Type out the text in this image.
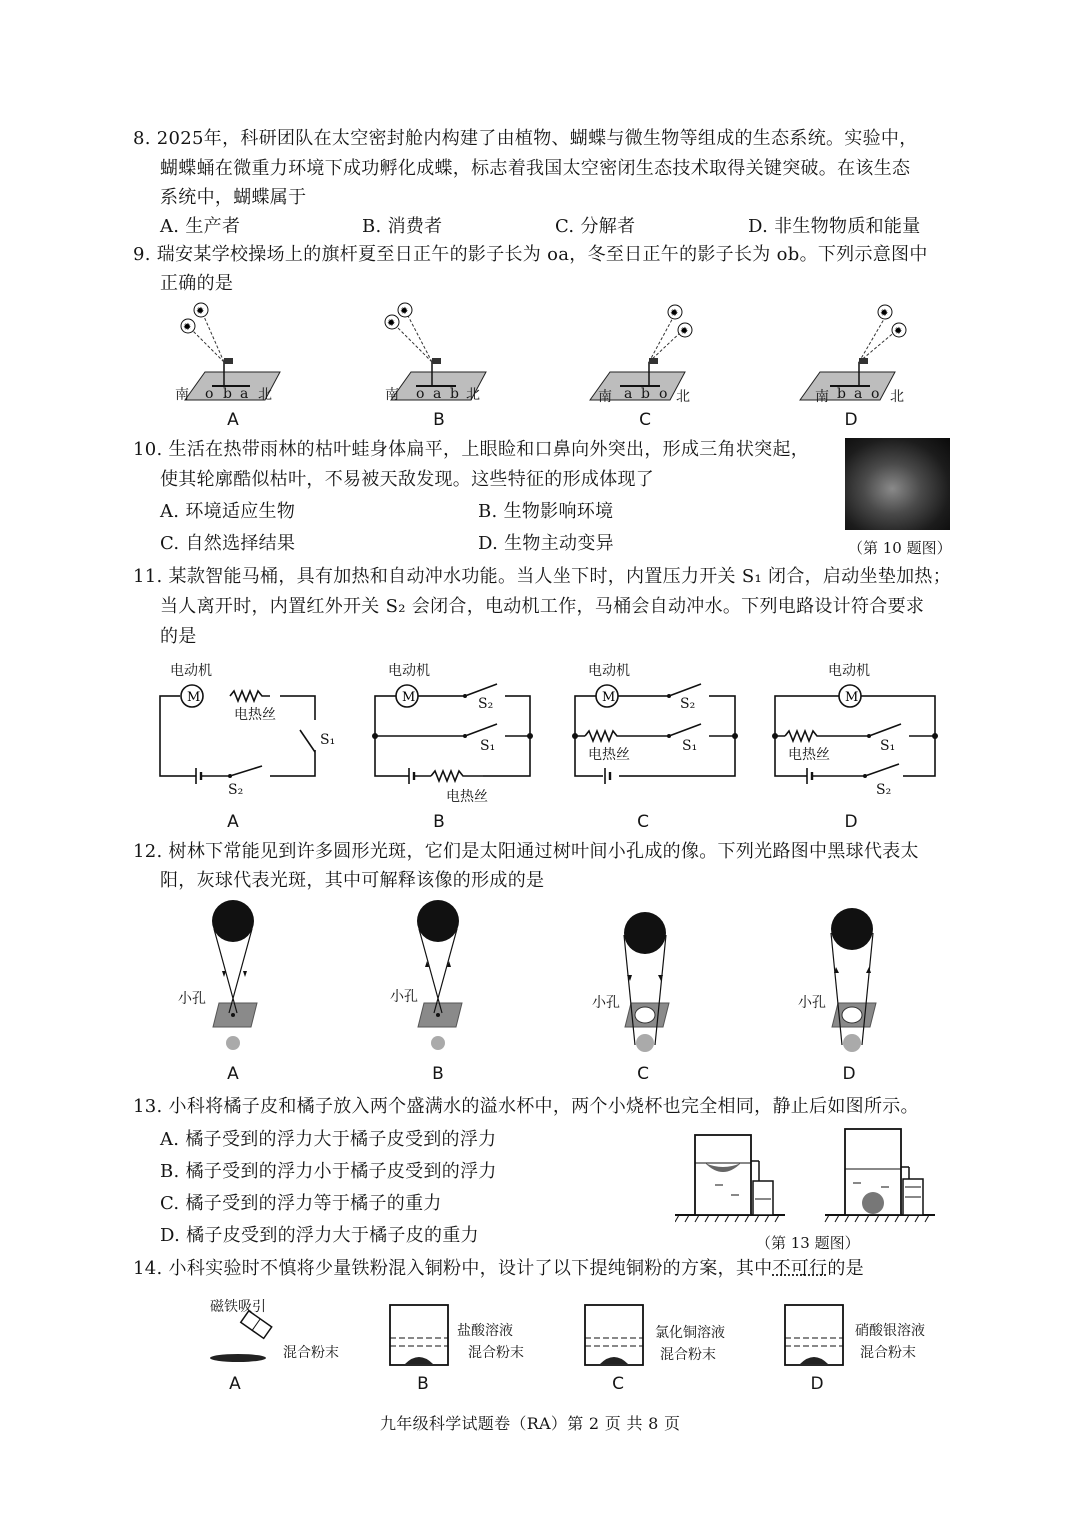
8. 2025年，科研团队在太空密封舱内构建了由植物、蝴蝶与微生物等组成的生态系统。实验中，
蝴蝶蛹在微重力环境下成功孵化成蝶，标志着我国太空密闭生态技术取得关键突破。在该生态
系统中，蝴蝶属于
A. 生产者	B. 消费者	C. 分解者	D. 非生物物质和能量
9. 瑞安某学校操场上的旗杆夏至日正午的影子长为 oa，冬至日正午的影子长为 ob。下列示意图中
正确的是
✹
✹
✹
✹	✹
✹
✹
✹
南 o b a 北	南 o a b 北	南 a b o 北	南 b a o 北
A	B	C	D
10. 生活在热带雨林的枯叶蛙身体扁平，上眼睑和口鼻向外突出，形成三角状突起，
使其轮廓酷似枯叶，不易被天敌发现。这些特征的形成体现了
A. 环境适应生物	B. 生物影响环境
C. 自然选择结果	D. 生物主动变异	（第 10 题图）
11. 某款智能马桶，具有加热和自动冲水功能。当人坐下时，内置压力开关 S₁ 闭合，启动坐垫加热；
当人离开时，内置红外开关 S₂ 会闭合，电动机工作，马桶会自动冲水。下列电路设计符合要求
的是
M
电动机
电热丝
S₁
S₂
M
电动机
S₂
S₁
电热丝
M
电动机
S₂
电热丝
S₁
M
电动机
电热丝
S₁
S₂
A	B	C	D
12. 树林下常能见到许多圆形光斑，它们是太阳通过树叶间小孔成的像。下列光路图中黑球代表太
阳，灰球代表光斑，其中可解释该像的形成的是
小孔	小孔	小孔	小孔
A	B	C	D
13. 小科将橘子皮和橘子放入两个盛满水的溢水杯中，两个小烧杯也完全相同，静止后如图所示。
A. 橘子受到的浮力大于橘子皮受到的浮力
B. 橘子受到的浮力小于橘子皮受到的浮力
C. 橘子受到的浮力等于橘子的重力
D. 橘子皮受到的浮力大于橘子皮的重力	（第 13 题图）
14. 小科实验时不慎将少量铁粉混入铜粉中，设计了以下提纯铜粉的方案，其中不可行的是
磁铁吸引
混合粉末
盐酸溶液
混合粉末
氯化铜溶液
混合粉末
硝酸银溶液
混合粉末
A	B	C	D
九年级科学试题卷（RA）第 2 页 共 8 页
